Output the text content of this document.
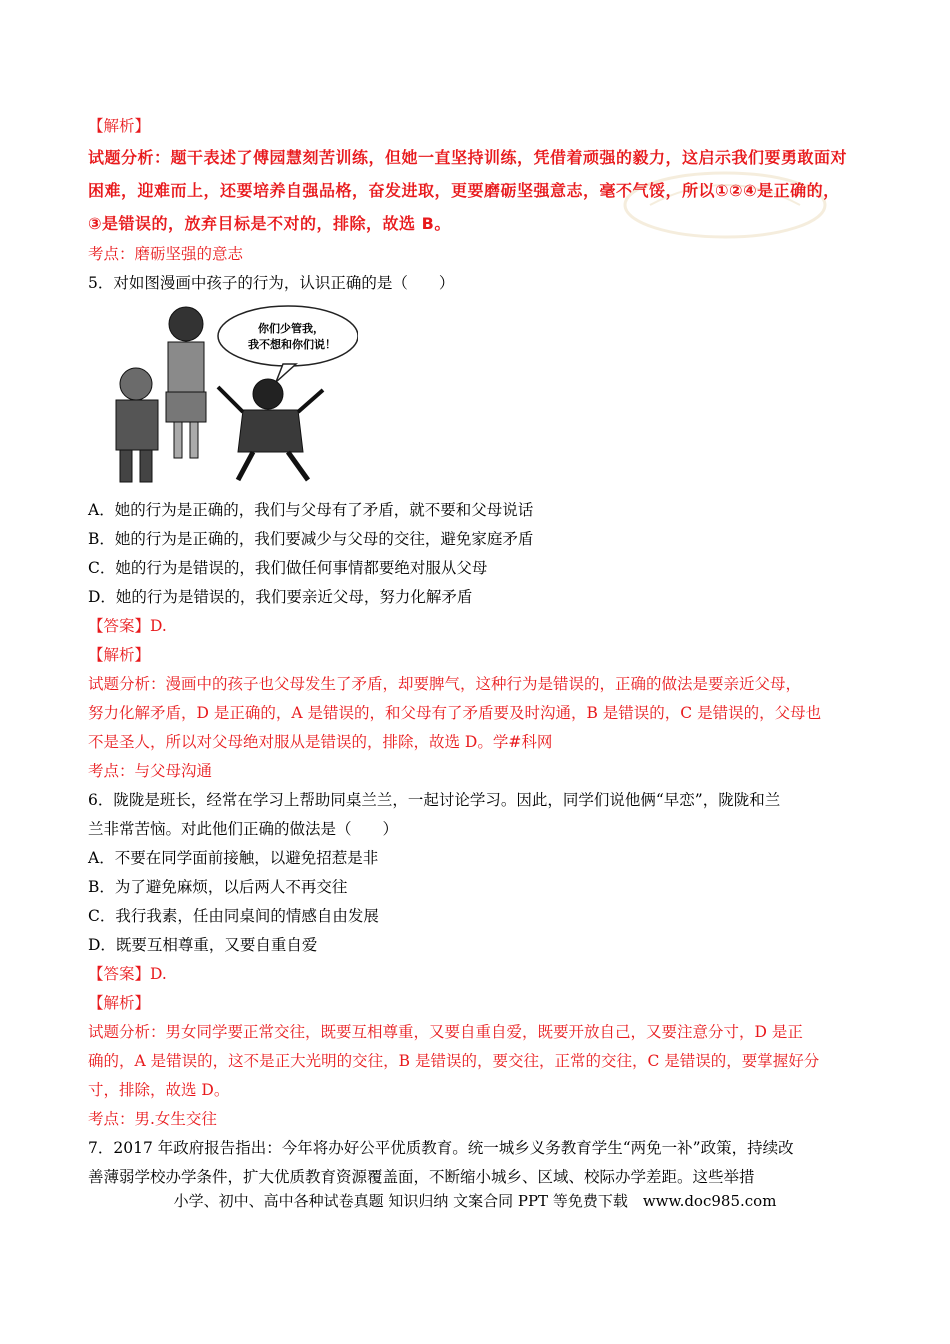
【解析】
试题分析：题干表述了傅园慧刻苦训练，但她一直坚持训练，凭借着顽强的毅力，这启示我们要勇敢面对
困难，迎难而上，还要培养自强品格，奋发进取，更要磨砺坚强意志，毫不气馁，所以①②④是正确的，
③是错误的，放弃目标是不对的，排除，故选 B。
考点：磨砺坚强的意志
5．对如图漫画中孩子的行为，认识正确的是（　　）
你们少管我，
我不想和你们说！
A．她的行为是正确的，我们与父母有了矛盾，就不要和父母说话
B．她的行为是正确的，我们要减少与父母的交往，避免家庭矛盾
C．她的行为是错误的，我们做任何事情都要绝对服从父母
D．她的行为是错误的，我们要亲近父母，努力化解矛盾
【答案】D.
【解析】
试题分析：漫画中的孩子也父母发生了矛盾，却要脾气，这种行为是错误的，正确的做法是要亲近父母，
努力化解矛盾，D 是正确的，A 是错误的，和父母有了矛盾要及时沟通，B 是错误的，C 是错误的，父母也
不是圣人，所以对父母绝对服从是错误的，排除，故选 D。学#科网
考点：与父母沟通
6．陇陇是班长，经常在学习上帮助同桌兰兰，一起讨论学习。因此，同学们说他俩“早恋”，陇陇和兰
兰非常苦恼。对此他们正确的做法是（　　）
A．不要在同学面前接触，以避免招惹是非
B．为了避免麻烦，以后两人不再交往
C．我行我素，任由同桌间的情感自由发展
D．既要互相尊重，又要自重自爱
【答案】D.
【解析】
试题分析：男女同学要正常交往，既要互相尊重，又要自重自爱，既要开放自己，又要注意分寸，D 是正
确的，A 是错误的，这不是正大光明的交往，B 是错误的，要交往，正常的交往，C 是错误的，要掌握好分
寸，排除，故选 D。
考点：男.女生交往
7．2017 年政府报告指出：今年将办好公平优质教育。统一城乡义务教育学生“两免一补”政策，持续改
善薄弱学校办学条件，扩大优质教育资源覆盖面，不断缩小城乡、区域、校际办学差距。这些举措
小学、初中、高中各种试卷真题 知识归纳 文案合同 PPT 等免费下载　www.doc985.com
